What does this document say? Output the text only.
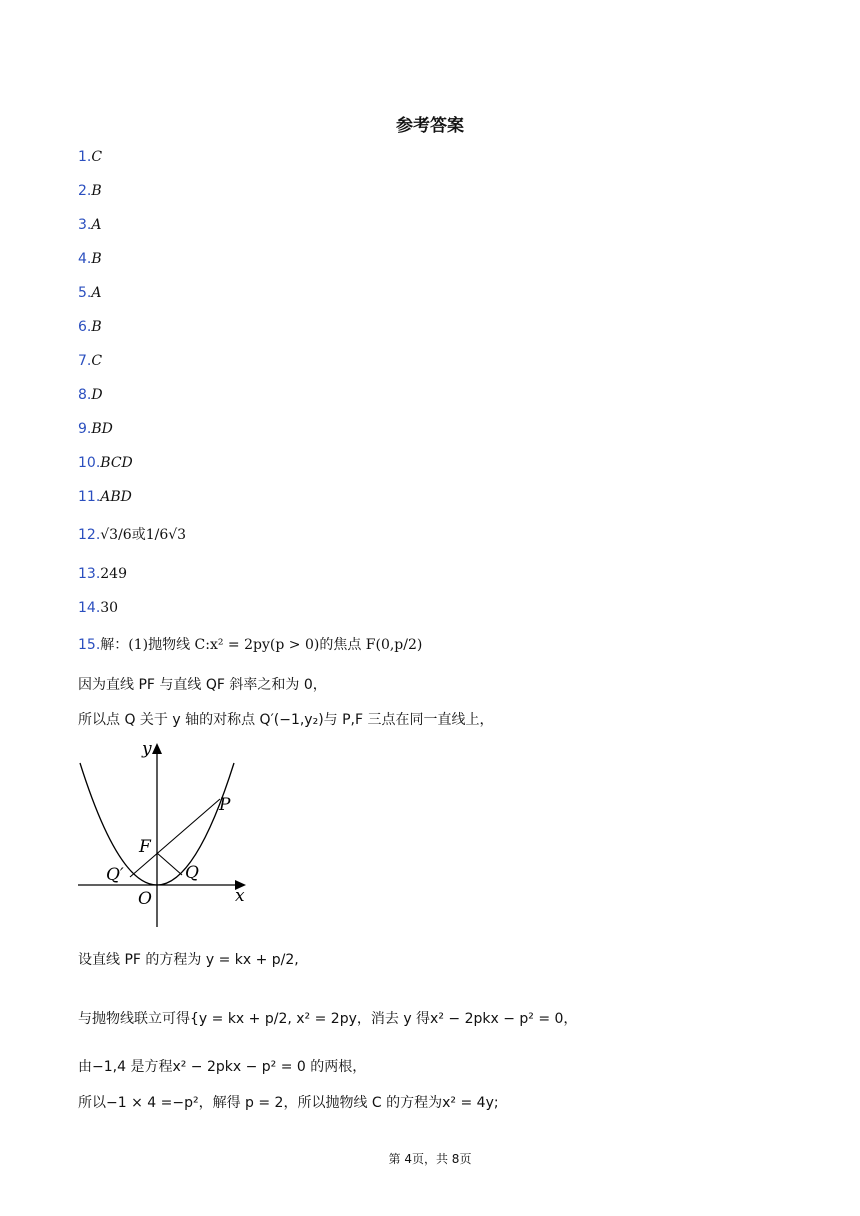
参考答案
1.C
2.B
3.A
4.B
5.A
6.B
7.C
8.D
9.BD
10.BCD
11.ABD
12.√3/6或1/6√3
13.249
14.30
15.解：(1)抛物线 C:x² = 2py(p > 0)的焦点 F(0,p/2)
因为直线 PF 与直线 QF 斜率之和为 0，
所以点 Q 关于 y 轴的对称点 Q′(−1,y₂)与 P,F 三点在同一直线上，
y
x
O
F
P
Q
Q′
设直线 PF 的方程为 y = kx + p/2,
与抛物线联立可得{y = kx + p/2, x² = 2py，消去 y 得x² − 2pkx − p² = 0，
由−1,4 是方程x² − 2pkx − p² = 0 的两根，
所以−1 × 4 =−p²，解得 p = 2，所以抛物线 C 的方程为x² = 4y;
第 4页，共 8页
